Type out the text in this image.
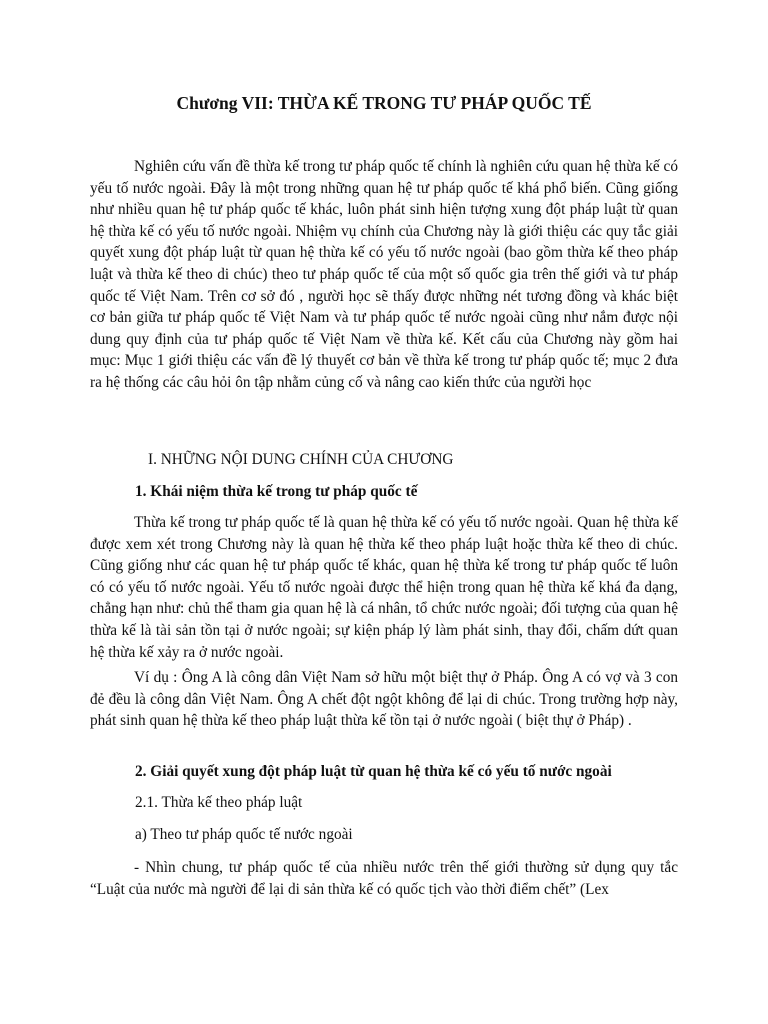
Chương VII: THỪA KẾ TRONG TƯ PHÁP QUỐC TẾ

Nghiên cứu vấn đề thừa kế trong tư pháp quốc tế chính là nghiên cứu quan hệ thừa kế có yếu tố nước ngoài. Đây là một trong những quan hệ tư pháp quốc tế khá phổ biến. Cũng giống như nhiều quan hệ tư pháp quốc tế khác, luôn phát sinh hiện tượng xung đột pháp luật từ quan hệ thừa kế có yếu tố nước ngoài. Nhiệm vụ chính của Chương này là giới thiệu các quy tắc giải quyết xung đột pháp luật từ quan hệ thừa kế có yếu tố nước ngoài (bao gồm thừa kế theo pháp luật và thừa kế theo di chúc) theo tư pháp quốc tế của một số quốc gia trên thế giới và tư pháp quốc tế Việt Nam. Trên cơ sở đó , người học sẽ thấy được những nét tương đồng và khác biệt cơ bản giữa tư pháp quốc tế Việt Nam và tư pháp quốc tế nước ngoài cũng như nắm được nội dung quy định của tư pháp quốc tế Việt Nam về thừa kế. Kết cấu của Chương này gồm hai mục: Mục 1 giới thiệu các vấn đề lý thuyết cơ bản về thừa kế trong tư pháp quốc tế; mục 2 đưa ra hệ thống các câu hỏi ôn tập nhằm củng cố và nâng cao kiến thức của người học

I. NHỮNG NỘI DUNG CHÍNH CỦA CHƯƠNG

1. Khái niệm thừa kế trong tư pháp quốc tế

Thừa kế trong tư pháp quốc tế là quan hệ thừa kế có yếu tố nước ngoài. Quan hệ thừa kế được xem xét trong Chương này là quan hệ thừa kế theo pháp luật hoặc thừa kế theo di chúc. Cũng giống như các quan hệ tư pháp quốc tế khác, quan hệ thừa kế trong tư pháp quốc tế luôn có có yếu tố nước ngoài. Yếu tố nước ngoài được thể hiện trong quan hệ thừa kế khá đa dạng, chẳng hạn như: chủ thể tham gia quan hệ là cá nhân, tổ chức nước ngoài; đối tượng của quan hệ thừa kế là tài sản tồn tại ở nước ngoài; sự kiện pháp lý làm phát sinh, thay đổi, chấm dứt quan hệ thừa kế xảy ra ở nước ngoài.

Ví dụ : Ông A là công dân Việt Nam sở hữu một biệt thự ở Pháp. Ông A có vợ và 3 con đẻ đều là công dân Việt Nam. Ông A chết đột ngột không để lại di chúc. Trong trường hợp này, phát sinh quan hệ thừa kế theo pháp luật thừa kế tồn tại ở nước ngoài ( biệt thự ở Pháp) .

2. Giải quyết xung đột pháp luật từ quan hệ thừa kế có yếu tố nước ngoài

2.1. Thừa kế theo pháp luật

a) Theo tư pháp quốc tế nước ngoài

- Nhìn chung, tư pháp quốc tế của nhiều nước trên thế giới thường sử dụng quy tắc “Luật của nước mà người để lại di sản thừa kế có quốc tịch vào thời điểm chết” (Lex
